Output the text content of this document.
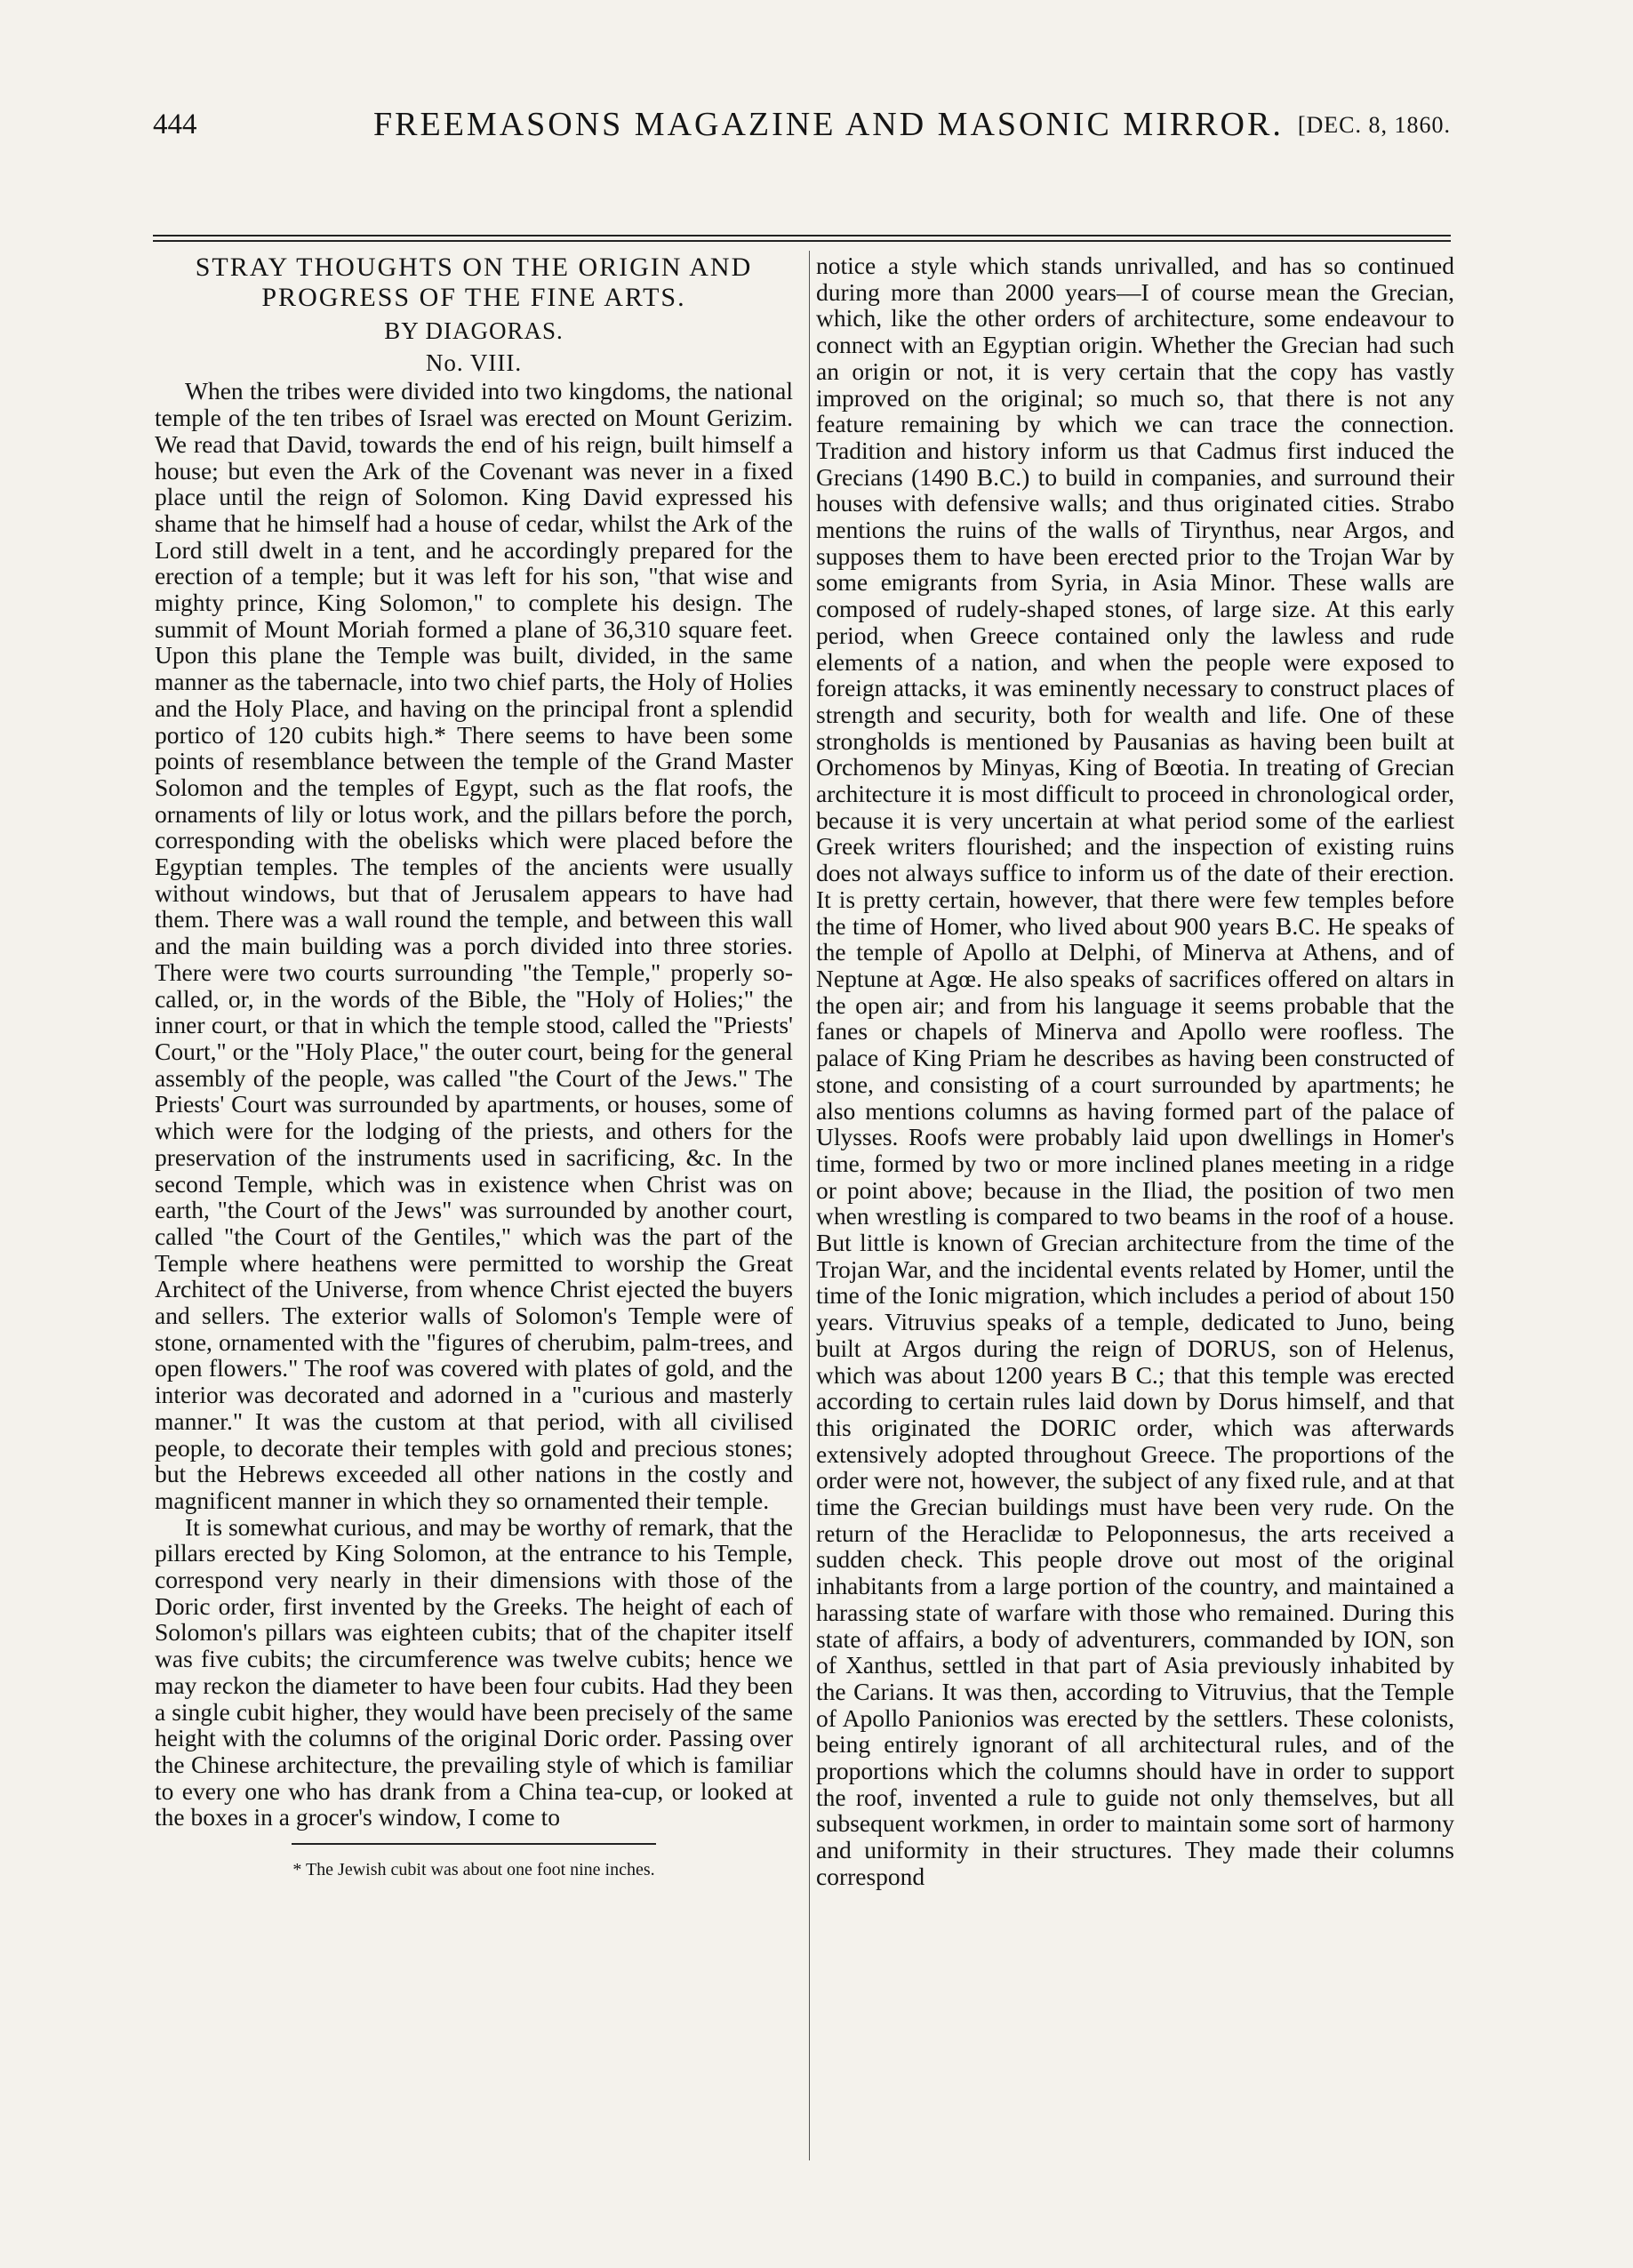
444	FREEMASONS MAGAZINE AND MASONIC MIRROR. [DEC. 8, 1860.
STRAY THOUGHTS ON THE ORIGIN AND PROGRESS OF THE FINE ARTS.
BY DIAGORAS.
No. VIII.

When the tribes were divided into two kingdoms, the national temple of the ten tribes of Israel was erected on Mount Gerizim. We read that David, towards the end of his reign, built himself a house; but even the Ark of the Covenant was never in a fixed place until the reign of Solomon. King David expressed his shame that he himself had a house of cedar, whilst the Ark of the Lord still dwelt in a tent, and he accordingly prepared for the erection of a temple; but it was left for his son, "that wise and mighty prince, King Solomon," to complete his design. The summit of Mount Moriah formed a plane of 36,310 square feet. Upon this plane the Temple was built, divided, in the same manner as the tabernacle, into two chief parts, the Holy of Holies and the Holy Place, and having on the principal front a splendid portico of 120 cubits high.* There seems to have been some points of resemblance between the temple of the Grand Master Solomon and the temples of Egypt, such as the flat roofs, the ornaments of lily or lotus work, and the pillars before the porch, corresponding with the obelisks which were placed before the Egyptian temples. The temples of the ancients were usually without windows, but that of Jerusalem appears to have had them. There was a wall round the temple, and between this wall and the main building was a porch divided into three stories. There were two courts surrounding "the Temple," properly so-called, or, in the words of the Bible, the "Holy of Holies;" the inner court, or that in which the temple stood, called the "Priests' Court," or the "Holy Place," the outer court, being for the general assembly of the people, was called "the Court of the Jews." The Priests' Court was surrounded by apartments, or houses, some of which were for the lodging of the priests, and others for the preservation of the instruments used in sacrificing, &c. In the second Temple, which was in existence when Christ was on earth, "the Court of the Jews" was surrounded by another court, called "the Court of the Gentiles," which was the part of the Temple where heathens were permitted to worship the Great Architect of the Universe, from whence Christ ejected the buyers and sellers. The exterior walls of Solomon's Temple were of stone, ornamented with the "figures of cherubim, palm-trees, and open flowers." The roof was covered with plates of gold, and the interior was decorated and adorned in a "curious and masterly manner." It was the custom at that period, with all civilised people, to decorate their temples with gold and precious stones; but the Hebrews exceeded all other nations in the costly and magnificent manner in which they so ornamented their temple.

It is somewhat curious, and may be worthy of remark, that the pillars erected by King Solomon, at the entrance to his Temple, correspond very nearly in their dimensions with those of the Doric order, first invented by the Greeks. The height of each of Solomon's pillars was eighteen cubits; that of the chapiter itself was five cubits; the circumference was twelve cubits; hence we may reckon the diameter to have been four cubits. Had they been a single cubit higher, they would have been precisely of the same height with the columns of the original Doric order. Passing over the Chinese architecture, the prevailing style of which is familiar to every one who has drank from a China tea-cup, or looked at the boxes in a grocer's window, I come to

* The Jewish cubit was about one foot nine inches.

notice a style which stands unrivalled, and has so continued during more than 2000 years—I of course mean the Grecian, which, like the other orders of architecture, some endeavour to connect with an Egyptian origin. Whether the Grecian had such an origin or not, it is very certain that the copy has vastly improved on the original; so much so, that there is not any feature remaining by which we can trace the connection. Tradition and history inform us that Cadmus first induced the Grecians (1490 B.C.) to build in companies, and surround their houses with defensive walls; and thus originated cities. Strabo mentions the ruins of the walls of Tirynthus, near Argos, and supposes them to have been erected prior to the Trojan War by some emigrants from Syria, in Asia Minor. These walls are composed of rudely-shaped stones, of large size. At this early period, when Greece contained only the lawless and rude elements of a nation, and when the people were exposed to foreign attacks, it was eminently necessary to construct places of strength and security, both for wealth and life. One of these strongholds is mentioned by Pausanias as having been built at Orchomenos by Minyas, King of Bœotia. In treating of Grecian architecture it is most difficult to proceed in chronological order, because it is very uncertain at what period some of the earliest Greek writers flourished; and the inspection of existing ruins does not always suffice to inform us of the date of their erection. It is pretty certain, however, that there were few temples before the time of Homer, who lived about 900 years B.C. He speaks of the temple of Apollo at Delphi, of Minerva at Athens, and of Neptune at Agœ. He also speaks of sacrifices offered on altars in the open air; and from his language it seems probable that the fanes or chapels of Minerva and Apollo were roofless. The palace of King Priam he describes as having been constructed of stone, and consisting of a court surrounded by apartments; he also mentions columns as having formed part of the palace of Ulysses. Roofs were probably laid upon dwellings in Homer's time, formed by two or more inclined planes meeting in a ridge or point above; because in the Iliad, the position of two men when wrestling is compared to two beams in the roof of a house. But little is known of Grecian architecture from the time of the Trojan War, and the incidental events related by Homer, until the time of the Ionic migration, which includes a period of about 150 years. Vitruvius speaks of a temple, dedicated to Juno, being built at Argos during the reign of DORUS, son of Helenus, which was about 1200 years B C.; that this temple was erected according to certain rules laid down by Dorus himself, and that this originated the DORIC order, which was afterwards extensively adopted throughout Greece. The proportions of the order were not, however, the subject of any fixed rule, and at that time the Grecian buildings must have been very rude. On the return of the Heraclidæ to Peloponnesus, the arts received a sudden check. This people drove out most of the original inhabitants from a large portion of the country, and maintained a harassing state of warfare with those who remained. During this state of affairs, a body of adventurers, commanded by ION, son of Xanthus, settled in that part of Asia previously inhabited by the Carians. It was then, according to Vitruvius, that the Temple of Apollo Panionios was erected by the settlers. These colonists, being entirely ignorant of all architectural rules, and of the proportions which the columns should have in order to support the roof, invented a rule to guide not only themselves, but all subsequent workmen, in order to maintain some sort of harmony and uniformity in their structures. They made their columns correspond
